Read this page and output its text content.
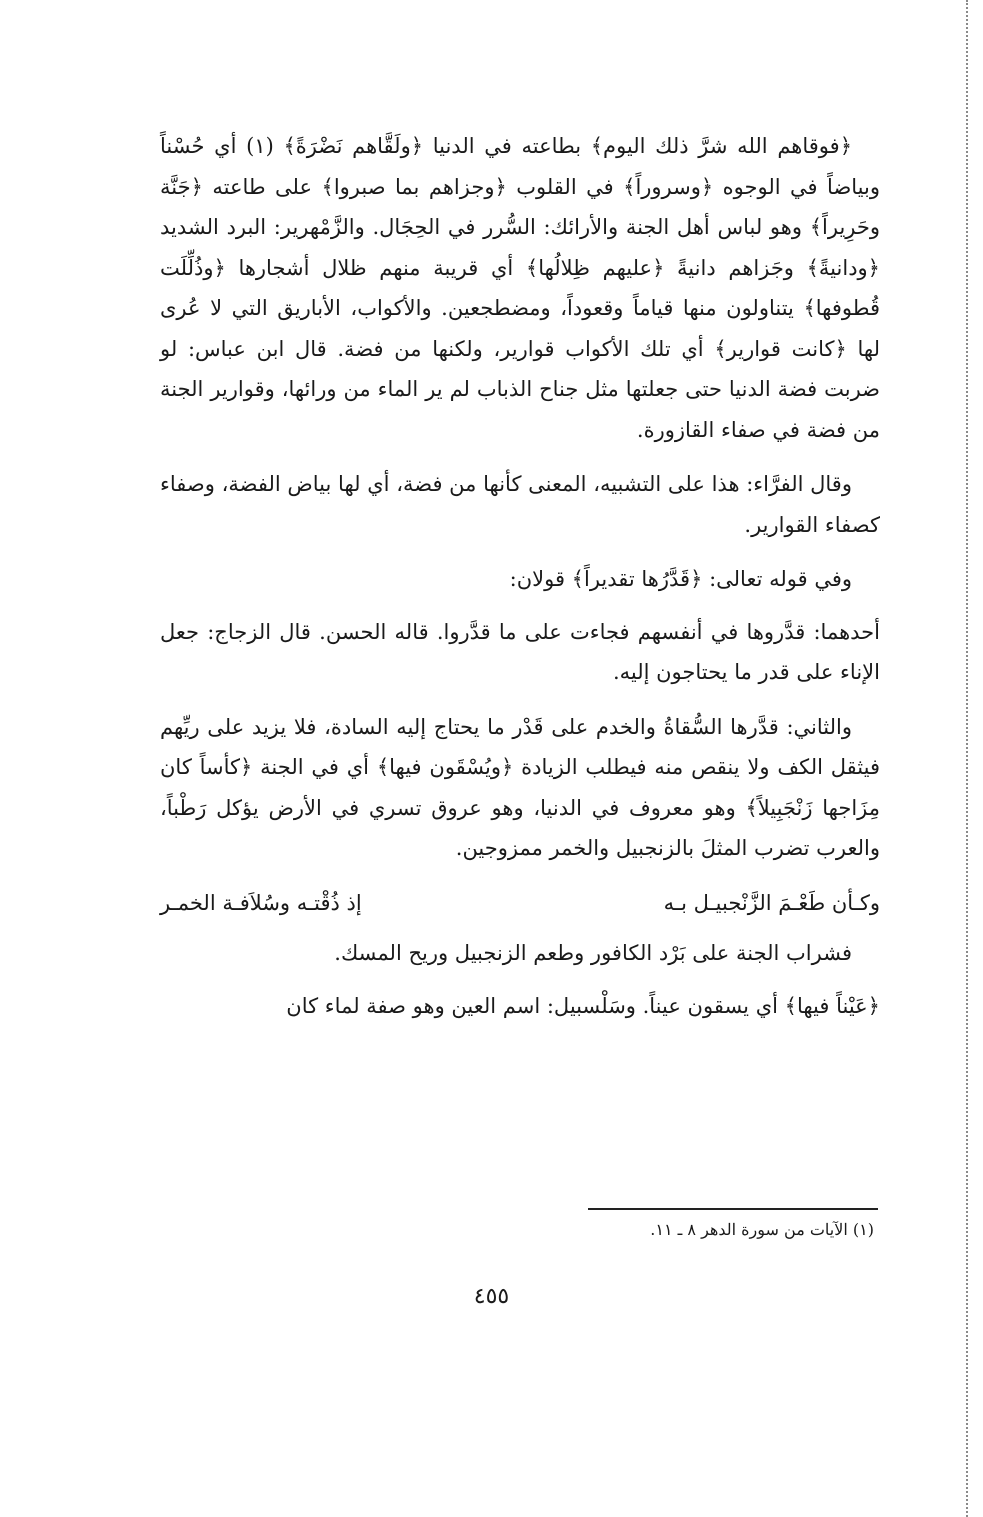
﴿فوقاهم الله شرَّ ذلك اليوم﴾ بطاعته في الدنيا ﴿ولَقَّاهم نَضْرَةً﴾ (١) أي حُسْناً وبياضاً في الوجوه ﴿وسروراً﴾ في القلوب ﴿وجزاهم بما صبروا﴾ على طاعته ﴿جَنَّة وحَرِيراً﴾ وهو لباس أهل الجنة والأرائك: السُّرر في الحِجَال. والزَّمْهرير: البرد الشديد ﴿ودانيةً﴾ وجَزاهم دانيةً ﴿عليهم ظِلالُها﴾ أي قريبة منهم ظلال أشجارها ﴿وذُلِّلَت قُطوفها﴾ يتناولون منها قياماً وقعوداً، ومضطجعين. والأكواب، الأباريق التي لا عُرى لها ﴿كانت قوارير﴾ أي تلك الأكواب قوارير، ولكنها من فضة. قال ابن عباس: لو ضربت فضة الدنيا حتى جعلتها مثل جناح الذباب لم ير الماء من ورائها، وقوارير الجنة من فضة في صفاء القازورة.

وقال الفرَّاء: هذا على التشبيه، المعنى كأنها من فضة، أي لها بياض الفضة، وصفاء كصفاء القوارير.

وفي قوله تعالى: ﴿قَدَّرُها تقديراً﴾ قولان:

أحدهما: قدَّروها في أنفسهم فجاءت على ما قدَّروا. قاله الحسن. قال الزجاج: جعل الإناء على قدر ما يحتاجون إليه.

والثاني: قدَّرها السُّقاةُ والخدم على قَدْر ما يحتاج إليه السادة، فلا يزيد على ريِّهم فيثقل الكف ولا ينقص منه فيطلب الزيادة ﴿ويُسْقَون فيها﴾ أي في الجنة ﴿كأساً كان مِزَاجها زَنْجَبِيلاً﴾ وهو معروف في الدنيا، وهو عروق تسري في الأرض يؤكل رَطْباً، والعرب تضرب المثلَ بالزنجبيل والخمر ممزوجين.

وكـأن طَعْـمَ الزَّنْجبيـل بـه
إذ ذُقْتـه وسُلاَفـة الخمـر

فشراب الجنة على بَرْد الكافور وطعم الزنجبيل وريح المسك.

﴿عَيْناً فيها﴾ أي يسقون عيناً. وسَلْسبيل: اسم العين وهو صفة لماء كان

(١) الآيات من سورة الدهر ٨ ـ ١١.
٤٥٥
